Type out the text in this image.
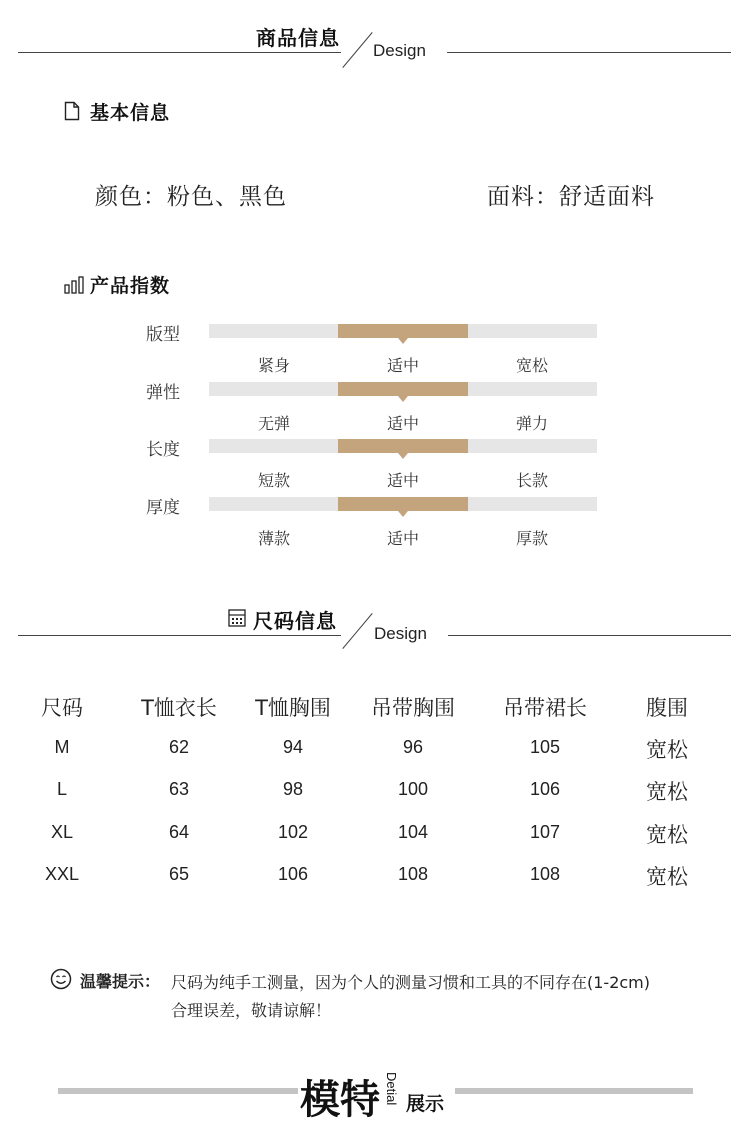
商品信息
Design
基本信息
颜色：粉色、黑色	面料：舒适面料
产品指数
版型
紧身	适中	宽松
弹性
无弹	适中	弹力
长度
短款	适中	长款
厚度
薄款	适中	厚款
尺码信息
Design
尺码	T恤衣长	T恤胸围	吊带胸围	吊带裙长	腹围
M	62	94	96	105	宽松
L	63	98	100	106	宽松
XL	64	102	104	107	宽松
XXL	65	106	108	108	宽松
温馨提示： 尺码为纯手工测量，因为个人的测量习惯和工具的不同存在(1-2cm)
合理误差，敬请谅解！
模特 Detial 展示
